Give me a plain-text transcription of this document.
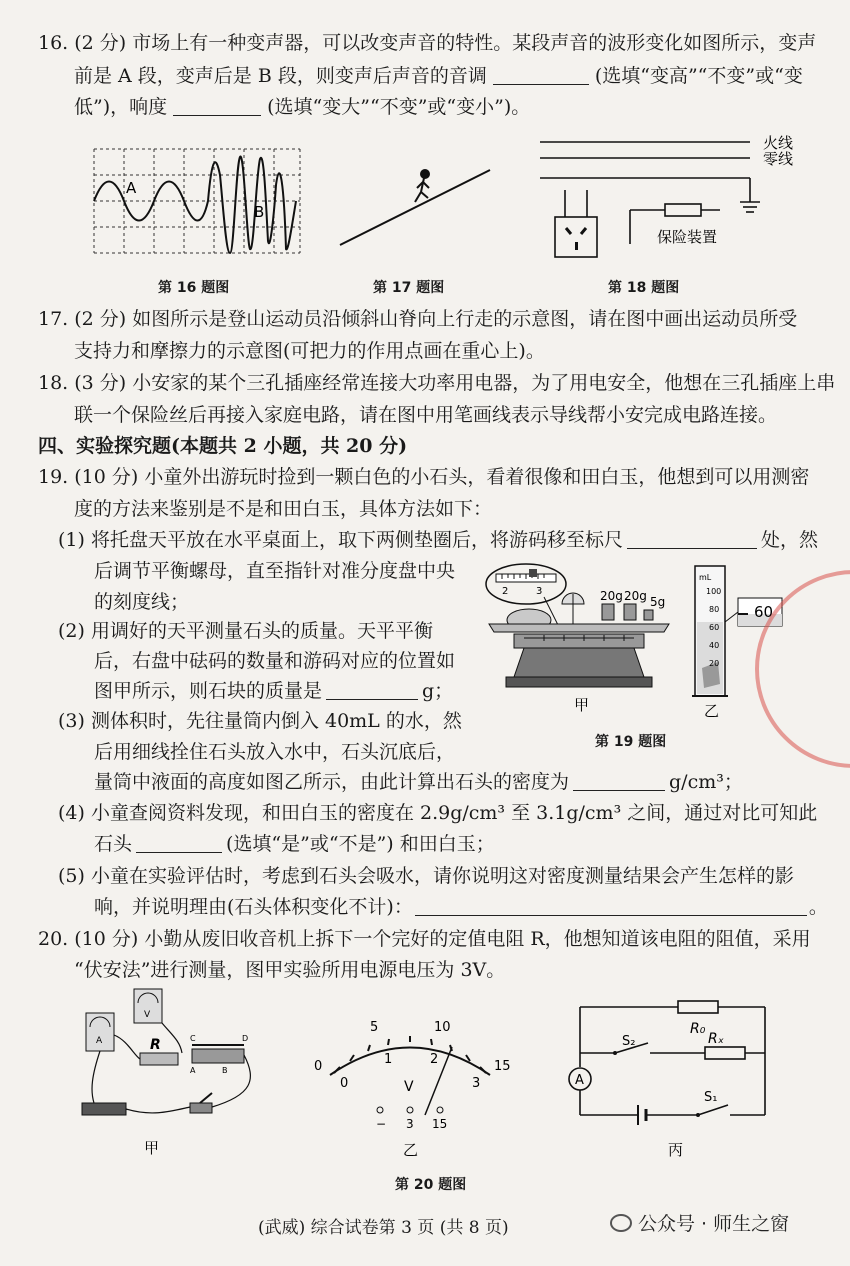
16. (2 分) 市场上有一种变声器，可以改变声音的特性。某段声音的波形变化如图所示，变声
前是 A 段，变声后是 B 段，则变声后声音的音调	(选填“变高”“不变”或“变
低”)，响度	(选填“变大”“不变”或“变小”)。
A
B
第 16 题图	第 17 题图
火线
零线
保险装置
第 18 题图
17. (2 分) 如图所示是登山运动员沿倾斜山脊向上行走的示意图，请在图中画出运动员所受
支持力和摩擦力的示意图(可把力的作用点画在重心上)。
18. (3 分) 小安家的某个三孔插座经常连接大功率用电器，为了用电安全，他想在三孔插座上串
联一个保险丝后再接入家庭电路，请在图中用笔画线表示导线帮小安完成电路连接。
四、实验探究题(本题共 2 小题，共 20 分)
19. (10 分) 小童外出游玩时捡到一颗白色的小石头，看着很像和田白玉，他想到可以用测密
度的方法来鉴别是不是和田白玉，具体方法如下：
(1) 将托盘天平放在水平桌面上，取下两侧垫圈后，将游码移至标尺	处，然
后调节平衡螺母，直至指针对准分度盘中央
的刻度线；
(2) 用调好的天平测量石头的质量。天平平衡
后，右盘中砝码的数量和游码对应的位置如
图甲所示，则石块的质量是	g；
(3) 测体积时，先往量筒内倒入 40mL 的水，然
后用细线拴住石头放入水中，石头沉底后，
量筒中液面的高度如图乙所示，由此计算出石头的密度为	g/cm³；
(4) 小童查阅资料发现，和田白玉的密度在 2.9g/cm³ 至 3.1g/cm³ 之间，通过对比可知此
石头	(选填“是”或“不是”) 和田白玉；
(5) 小童在实验评估时，考虑到石头会吸水，请你说明这对密度测量结果会产生怎样的影
响，并说明理由(石头体积变化不计)：	。
2	3	20g 20g 5g
甲
mL
100
80
60
40
20
60
乙
第 19 题图
20. (10 分) 小勤从废旧收音机上拆下一个完好的定值电阻 R，他想知道该电阻的阻值，采用
“伏安法”进行测量，图甲实验所用电源电压为 3V。
A
V
R	C	D
A	B
甲
5	10
0	15
0
1	2
3
V
− 3 15
乙
A
R₀
Rₓ
S₂
S₁
丙
第 20 题图
(武威) 综合试卷第 3 页 (共 8 页)	公众号 · 师生之窗
